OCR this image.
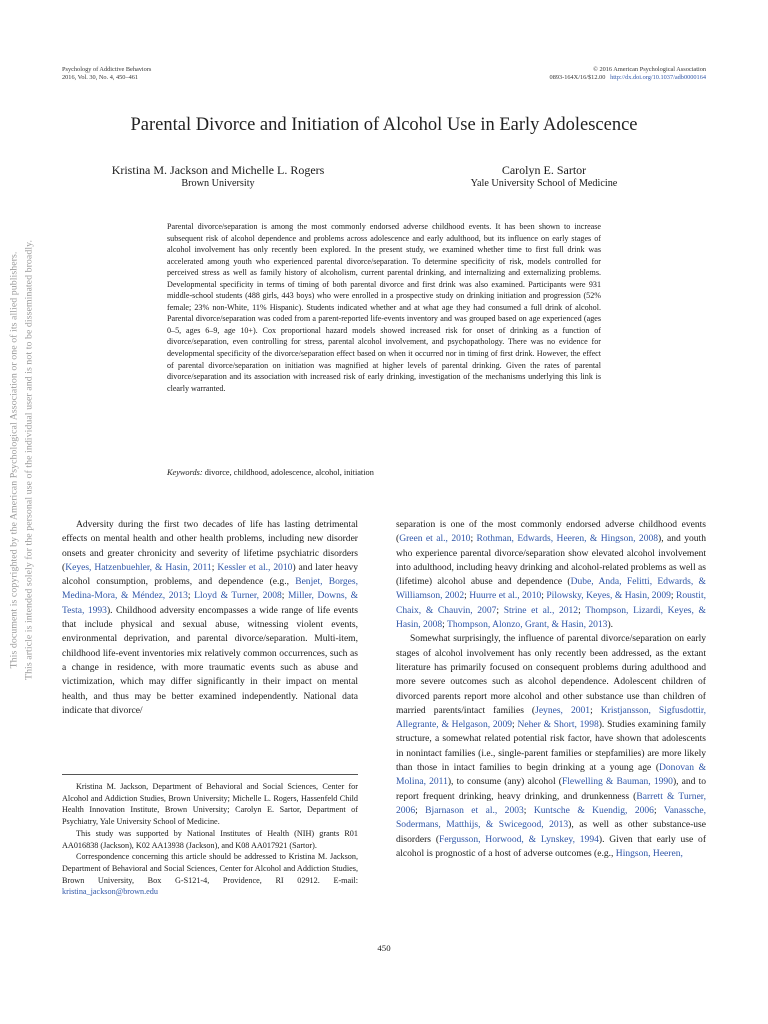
Psychology of Addictive Behaviors
2016, Vol. 30, No. 4, 450–461
© 2016 American Psychological Association
0893-164X/16/$12.00 http://dx.doi.org/10.1037/adb0000164
Parental Divorce and Initiation of Alcohol Use in Early Adolescence
Kristina M. Jackson and Michelle L. Rogers
Brown University
Carolyn E. Sartor
Yale University School of Medicine
Parental divorce/separation is among the most commonly endorsed adverse childhood events. It has been shown to increase subsequent risk of alcohol dependence and problems across adolescence and early adulthood, but its influence on early stages of alcohol involvement has only recently been explored. In the present study, we examined whether time to first full drink was accelerated among youth who experienced parental divorce/separation. To determine specificity of risk, models controlled for perceived stress as well as family history of alcoholism, current parental drinking, and internalizing and externalizing problems. Developmental specificity in terms of timing of both parental divorce and first drink was also examined. Participants were 931 middle-school students (488 girls, 443 boys) who were enrolled in a prospective study on drinking initiation and progression (52% female; 23% non-White, 11% Hispanic). Students indicated whether and at what age they had consumed a full drink of alcohol. Parental divorce/separation was coded from a parent-reported life-events inventory and was grouped based on age experienced (ages 0–5, ages 6–9, age 10+). Cox proportional hazard models showed increased risk for onset of drinking as a function of divorce/separation, even controlling for stress, parental alcohol involvement, and psychopathology. There was no evidence for developmental specificity of the divorce/separation effect based on when it occurred nor in timing of first drink. However, the effect of parental divorce/separation on initiation was magnified at higher levels of parental drinking. Given the rates of parental divorce/separation and its association with increased risk of early drinking, investigation of the mechanisms underlying this link is clearly warranted.
Keywords: divorce, childhood, adolescence, alcohol, initiation

Adversity during the first two decades of life has lasting detrimental effects on mental health and other health problems, including new disorder onsets and greater chronicity and severity of lifetime psychiatric disorders (Keyes, Hatzenbuehler, & Hasin, 2011; Kessler et al., 2010) and later heavy alcohol consumption, problems, and dependence (e.g., Benjet, Borges, Medina-Mora, & Méndez, 2013; Lloyd & Turner, 2008; Miller, Downs, & Testa, 1993). Childhood adversity encompasses a wide range of life events that include physical and sexual abuse, witnessing violent events, environmental deprivation, and parental divorce/separation. Multi-item, childhood life-event inventories mix relatively common occurrences, such as a change in residence, with more traumatic events such as abuse and victimization, which may differ significantly in their impact on mental health, and thus may be better examined independently. National data indicate that divorce/

Kristina M. Jackson, Department of Behavioral and Social Sciences, Center for Alcohol and Addiction Studies, Brown University; Michelle L. Rogers, Hassenfeld Child Health Innovation Institute, Brown University; Carolyn E. Sartor, Department of Psychiatry, Yale University School of Medicine.

This study was supported by National Institutes of Health (NIH) grants R01 AA016838 (Jackson), K02 AA13938 (Jackson), and K08 AA017921 (Sartor).

Correspondence concerning this article should be addressed to Kristina M. Jackson, Department of Behavioral and Social Sciences, Center for Alcohol and Addiction Studies, Brown University, Box G-S121-4, Providence, RI 02912. E-mail: kristina_jackson@brown.edu

separation is one of the most commonly endorsed adverse childhood events (Green et al., 2010; Rothman, Edwards, Heeren, & Hingson, 2008), and youth who experience parental divorce/separation show elevated alcohol involvement into adulthood, including heavy drinking and alcohol-related problems as well as (lifetime) alcohol abuse and dependence (Dube, Anda, Felitti, Edwards, & Williamson, 2002; Huurre et al., 2010; Pilowsky, Keyes, & Hasin, 2009; Roustit, Chaix, & Chauvin, 2007; Strine et al., 2012; Thompson, Lizardi, Keyes, & Hasin, 2008; Thompson, Alonzo, Grant, & Hasin, 2013).

Somewhat surprisingly, the influence of parental divorce/separation on early stages of alcohol involvement has only recently been addressed, as the extant literature has primarily focused on consequent problems during adulthood and more severe outcomes such as alcohol dependence. Adolescent children of divorced parents report more alcohol and other substance use than children of married parents/intact families (Jeynes, 2001; Kristjansson, Sigfusdottir, Allegrante, & Helgason, 2009; Neher & Short, 1998). Studies examining family structure, a somewhat related potential risk factor, have shown that adolescents in nonintact families (i.e., single-parent families or stepfamilies) are more likely than those in intact families to begin drinking at a young age (Donovan & Molina, 2011), to consume (any) alcohol (Flewelling & Bauman, 1990), and to report frequent drinking, heavy drinking, and drunkenness (Barrett & Turner, 2006; Bjarnason et al., 2003; Kuntsche & Kuendig, 2006; Vanassche, Sodermans, Matthijs, & Swicegood, 2013), as well as other substance-use disorders (Fergusson, Horwood, & Lynskey, 1994). Given that early use of alcohol is prognostic of a host of adverse outcomes (e.g., Hingson, Heeren,

450
This document is copyrighted by the American Psychological Association or one of its allied publishers. This article is intended solely for the personal use of the individual user and is not to be disseminated broadly.
